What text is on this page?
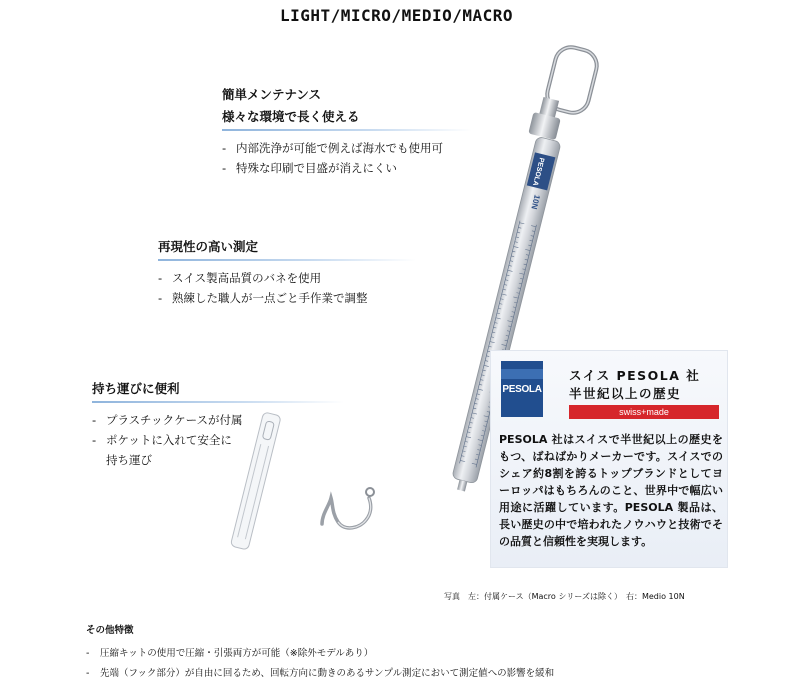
LIGHT/MICRO/MEDIO/MACRO
PESOLA
10N
簡単メンテナンス
様々な環境で長く使える
- 内部洗浄が可能で例えば海水でも使用可
- 特殊な印刷で目盛が消えにくい
再現性の高い測定
- スイス製高品質のバネを使用
- 熟練した職人が一点ごと手作業で調整
持ち運びに便利
- プラスチックケースが付属
- ポケットに入れて安全に
持ち運び
PESOLA
スイス PESOLA 社
半世紀以上の歴史
swiss+made
PESOLA 社はスイスで半世紀以上の歴史をもつ、ばねばかりメーカーです。スイスでのシェア約8割を誇るトップブランドとしてヨーロッパはもちろんのこと、世界中で幅広い用途に活躍しています。PESOLA 製品は、長い歴史の中で培われたノウハウと技術でその品質と信頼性を実現します。
写真　左：付属ケース（Macro シリーズは除く）　右：Medio 10N
その他特徴
- 圧縮キットの使用で圧縮・引張両方が可能（※除外モデルあり）
- 先端（フック部分）が自由に回るため、回転方向に動きのあるサンプル測定において測定値への影響を緩和
